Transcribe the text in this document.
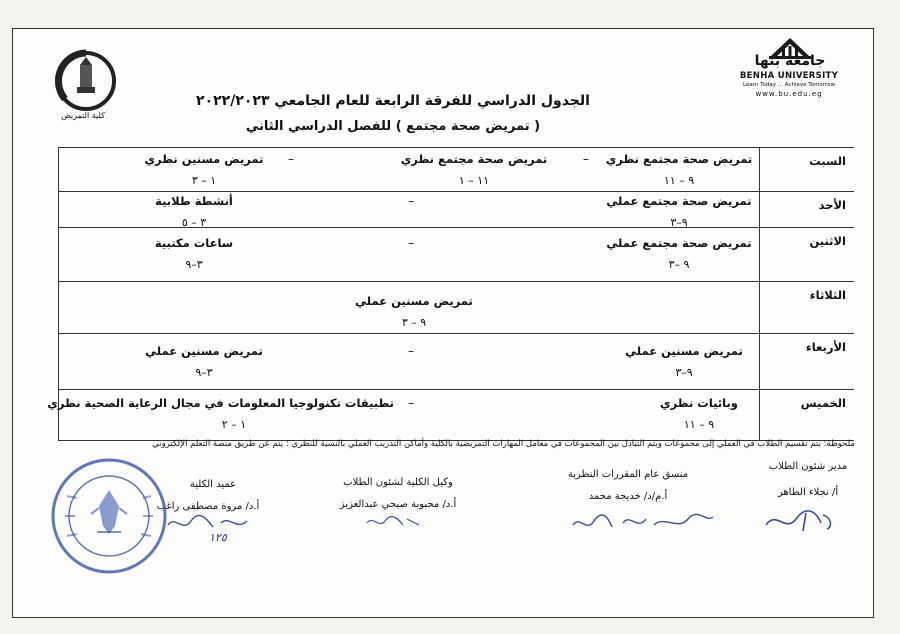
كلية التمريض
جامعة بنها
BENHA UNIVERSITY
Learn Today ... Achieve Tomorrow
www.bu.edu.eg
الجدول الدراسي للفرقة الرابعة للعام الجامعي ٢٠٢٢/٢٠٢٣
( تمريض صحة مجتمع ) للفصل الدراسي الثاني
السبت
تمريض صحة مجتمع نظري
٩ – ١١
–
تمريض صحة مجتمع نظري
١١ – ١
–
تمريض مسنين نظري
١ – ٣
الأحد
تمريض صحة مجتمع عملي
٩–٣
–
أنشطة طلابية
٣ – ٥
الاثنين
تمريض صحة مجتمع عملي
٩ –٣
–
ساعات مكتبية
٣–٩
الثلاثاء
تمريض مسنين عملي
٩ – ٣
الأربعاء
تمريض مسنين عملي
٩–٣
–
تمريض مسنين عملي
٣–٩
الخميس
وبائيات نظري
٩ – ١١
–
تطبيقات تكنولوجيا المعلومات في مجال الرعاية الصحية نظري
١ – ٢
ملحوظة: يتم تقسيم الطلاب في العملي إلى مجموعات ويتم التبادل بين المجموعات في معامل المهارات التمريضية بالكلية وأماكن التدريب العملي بالنسبة للنظري : يتم عن طريق منصة التعلم الإلكتروني
مدير شئون الطلاب
أ/ نجلاء الطاهر
منسق عام المقررات النظرية
أ.م/د/ خديجة محمد
وكيل الكلية لشئون الطلاب
أ.د/ محبوبة صبحي عبدالعزيز
عميد الكلية
أ.د/ مروة مصطفى راغب
١٢٥
